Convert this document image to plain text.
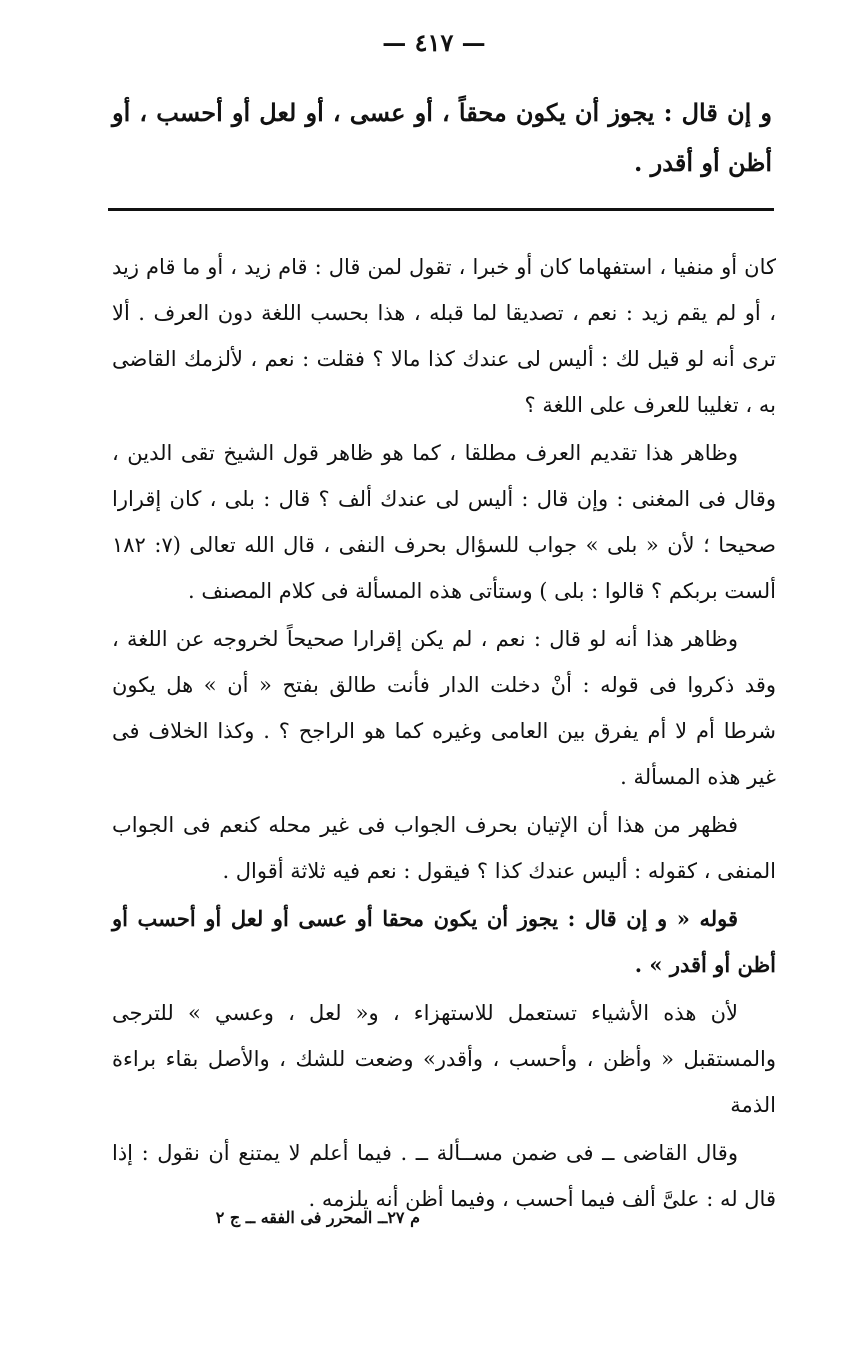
— ٤١٧ —
و إن قال : يجوز أن يكون محقاً ، أو عسى ، أو لعل أو أحسب ، أو أظن أو أقدر .

كان أو منفيا ، استفهاما كان أو خبرا ، تقول لمن قال : قام زيد ، أو ما قام زيد ، أو لم يقم زيد : نعم ، تصديقا لما قبله ، هذا بحسب اللغة دون العرف . ألا ترى أنه لو قيل لك : أليس لى عندك كذا مالا ؟ فقلت : نعم ، لألزمك القاضى به ، تغليبا للعرف على اللغة ؟

وظاهر هذا تقديم العرف مطلقا ، كما هو ظاهر قول الشيخ تقى الدين ، وقال فى المغنى : وإن قال : أليس لى عندك ألف ؟ قال : بلى ، كان إقرارا صحيحا ؛ لأن « بلى » جواب للسؤال بحرف النفى ، قال الله تعالى (٧: ١٨٢ ألست بربكم ؟ قالوا : بلى ) وستأتى هذه المسألة فى كلام المصنف .

وظاهر هذا أنه لو قال : نعم ، لم يكن إقرارا صحيحاً لخروجه عن اللغة ، وقد ذكروا فى قوله : أنْ دخلت الدار فأنت طالق بفتح « أن » هل يكون شرطا أم لا أم يفرق بين العامى وغيره كما هو الراجح ؟ . وكذا الخلاف فى غير هذه المسألة .

فظهر من هذا أن الإتيان بحرف الجواب فى غير محله كنعم فى الجواب المنفى ، كقوله : أليس عندك كذا ؟ فيقول : نعم فيه ثلاثة أقوال .

قوله « و إن قال : يجوز أن يكون محقا أو عسى أو لعل أو أحسب أو أظن أو أقدر » .

لأن هذه الأشياء تستعمل للاستهزاء ، و« لعل ، وعسي » للترجى والمستقبل « وأظن ، وأحسب ، وأقدر» وضعت للشك ، والأصل بقاء براءة الذمة

وقال القاضى ــ فى ضمن مســألة ــ . فيما أعلم لا يمتنع أن نقول : إذا قال له : علىَّ ألف فيما أحسب ، وفيما أظن أنه يلزمه .

م ٢٧ــ المحرر فى الفقه ــ ج ٢
